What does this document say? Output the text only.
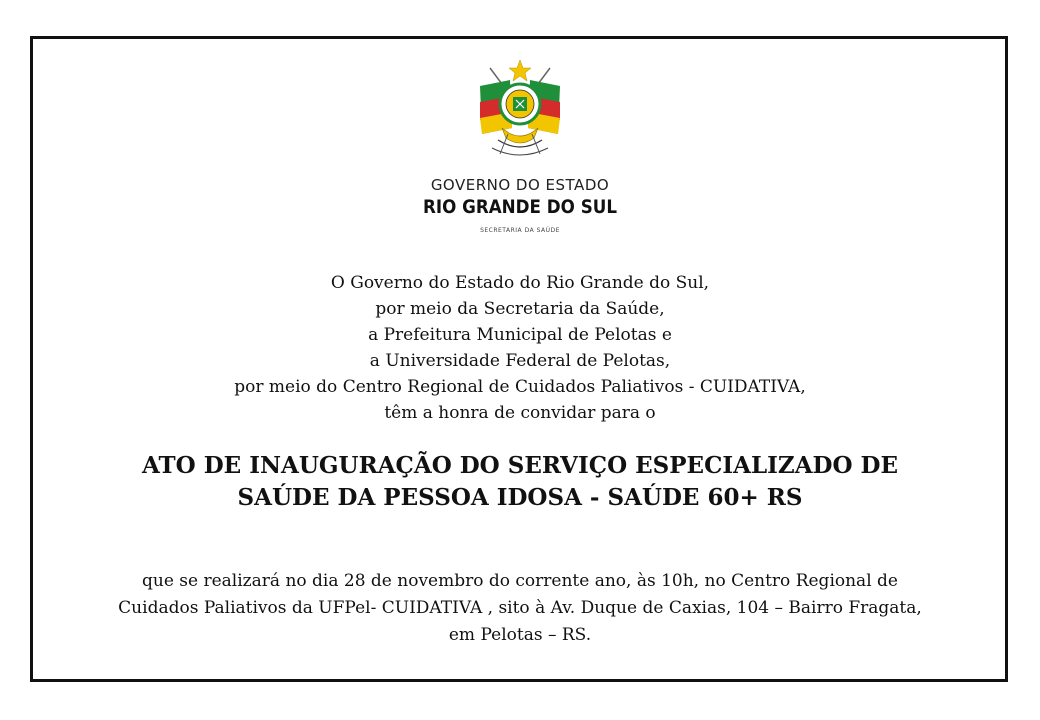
GOVERNO DO ESTADO
RIO GRANDE DO SUL
SECRETARIA DA SAÚDE
O Governo do Estado do Rio Grande do Sul,
por meio da Secretaria da Saúde,
a Prefeitura Municipal de Pelotas e
a Universidade Federal de Pelotas,
por meio do Centro Regional de Cuidados Paliativos - CUIDATIVA,
têm a honra de convidar para o
ATO DE INAUGURAÇÃO DO SERVIÇO ESPECIALIZADO DE
SAÚDE DA PESSOA IDOSA - SAÚDE 60+ RS
que se realizará no dia 28 de novembro do corrente ano, às 10h, no Centro Regional de
Cuidados Paliativos da UFPel- CUIDATIVA , sito à Av. Duque de Caxias, 104 – Bairro Fragata,
em Pelotas – RS.
